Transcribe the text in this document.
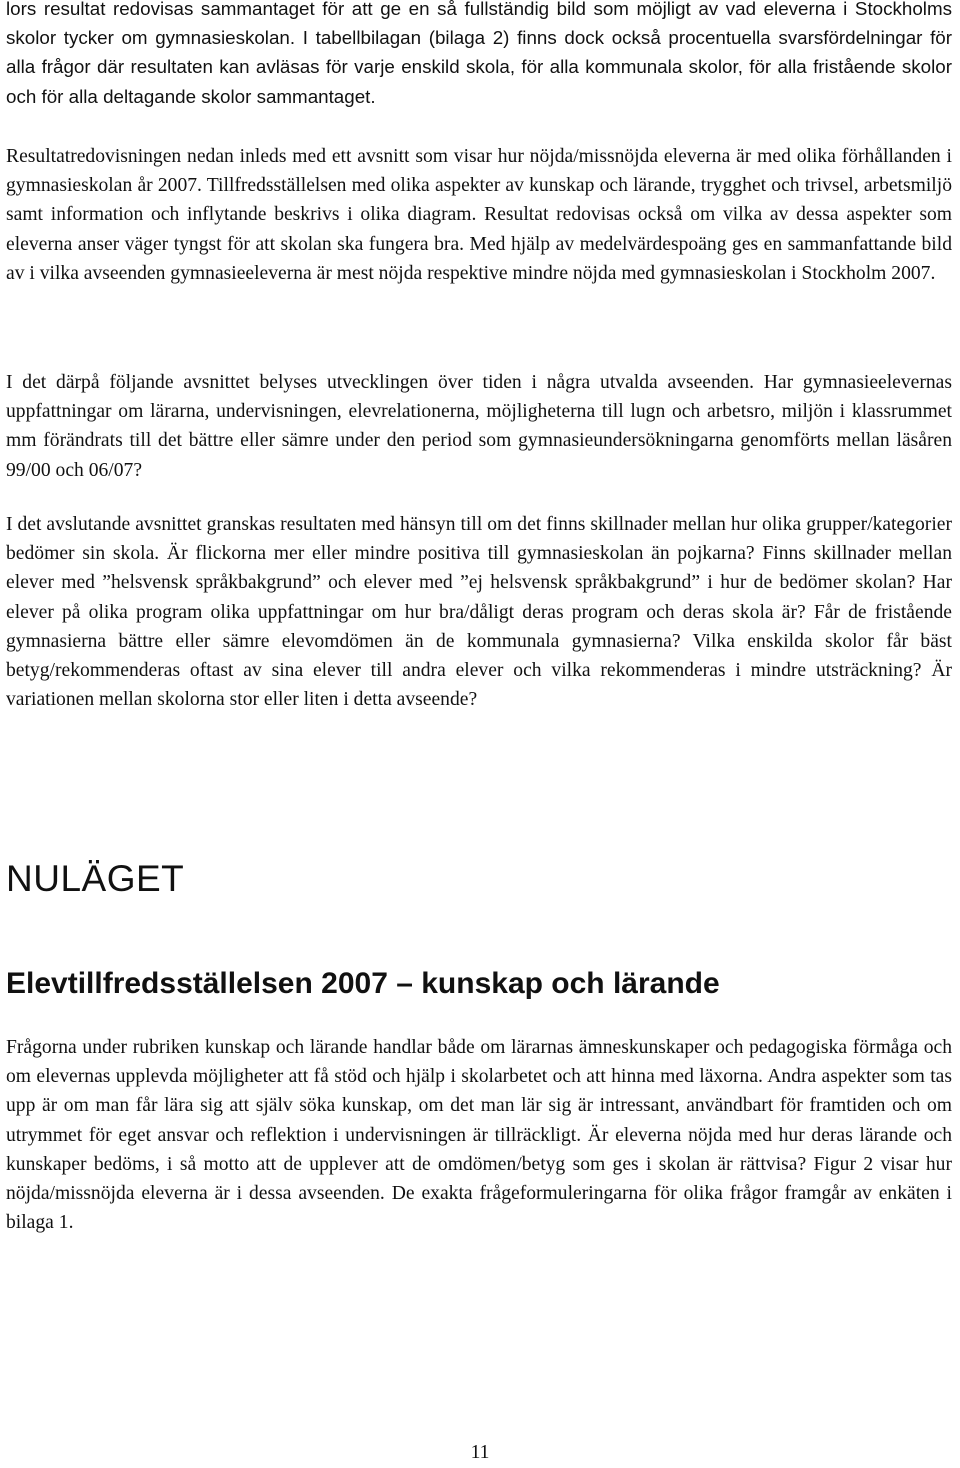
lors resultat redovisas sammantaget för att ge en så fullständig bild som möjligt av vad eleverna i Stockholms skolor tycker om gymnasieskolan. I tabellbilagan (bilaga 2) finns dock också procentuella svarsfördelningar för alla frågor där resultaten kan avläsas för varje enskild skola, för alla kommunala skolor, för alla fristående skolor och för alla deltagande skolor sammantaget.

Resultatredovisningen nedan inleds med ett avsnitt som visar hur nöjda/missnöjda eleverna är med olika förhållanden i gymnasieskolan år 2007. Tillfredsställelsen med olika aspekter av kunskap och lärande, trygghet och trivsel, arbetsmiljö samt information och inflytande beskrivs i olika diagram. Resultat redovisas också om vilka av dessa aspekter som eleverna anser väger tyngst för att skolan ska fungera bra. Med hjälp av medelvärdespoäng ges en sammanfattande bild av i vilka avseenden gymnasieeleverna är mest nöjda respektive mindre nöjda med gymnasieskolan i Stockholm 2007.

I det därpå följande avsnittet belyses utvecklingen över tiden i några utvalda avseenden. Har gymnasieelevernas uppfattningar om lärarna, undervisningen, elevrelationerna, möjligheterna till lugn och arbetsro, miljön i klassrummet mm förändrats till det bättre eller sämre under den period som gymnasieundersökningarna genomförts mellan läsåren 99/00 och 06/07?

I det avslutande avsnittet granskas resultaten med hänsyn till om det finns skillnader mellan hur olika grupper/kategorier bedömer sin skola. Är flickorna mer eller mindre positiva till gymnasieskolan än pojkarna? Finns skillnader mellan elever med ”helsvensk språkbakgrund” och elever med ”ej helsvensk språkbakgrund” i hur de bedömer skolan? Har elever på olika program olika uppfattningar om hur bra/dåligt deras program och deras skola är? Får de fristående gymnasierna bättre eller sämre elevomdömen än de kommunala gymnasierna? Vilka enskilda skolor får bäst betyg/rekommenderas oftast av sina elever till andra elever och vilka rekommenderas i mindre utsträckning? Är variationen mellan skolorna stor eller liten i detta avseende?

NULÄGET
Elevtillfredsställelsen 2007 – kunskap och lärande

Frågorna under rubriken kunskap och lärande handlar både om lärarnas ämneskunskaper och pedagogiska förmåga och om elevernas upplevda möjligheter att få stöd och hjälp i skolarbetet och att hinna med läxorna. Andra aspekter som tas upp är om man får lära sig att själv söka kunskap, om det man lär sig är intressant, användbart för framtiden och om utrymmet för eget ansvar och reflektion i undervisningen är tillräckligt. Är eleverna nöjda med hur deras lärande och kunskaper bedöms, i så motto att de upplever att de omdömen/betyg som ges i skolan är rättvisa? Figur 2 visar hur nöjda/missnöjda eleverna är i dessa avseenden. De exakta frågeformuleringarna för olika frågor framgår av enkäten i bilaga 1.

11
